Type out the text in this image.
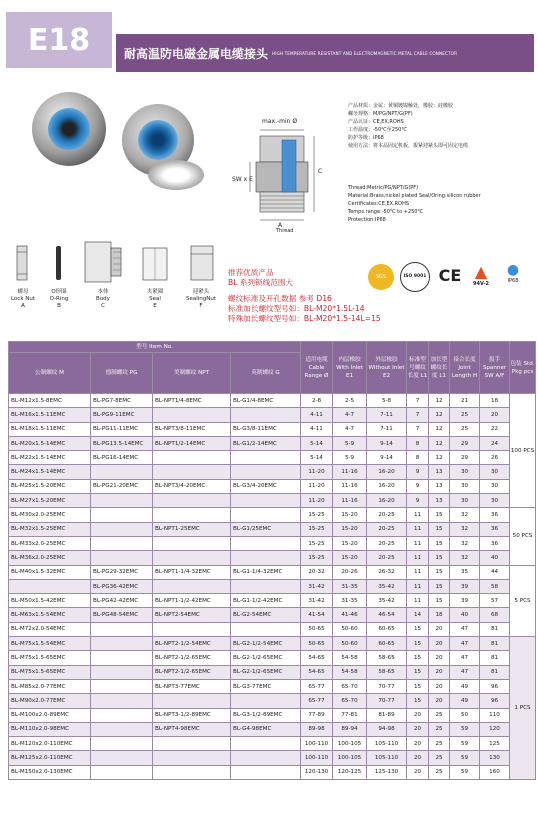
E18	耐高温防电磁金属电缆接头 HIGH TEMPERATURE RESISTANT AND ELECTROMAGNETIC METAL CABLE CONNECTOR
max.-min Ø
SW x E
C
A
Thread
产品材质：金属：黄铜镀镍触处，橡胶：硅橡胶
螺牙规格：M/PG/NPT/G(PF)
产品认证：CE,EX,ROHS
工作温度：-50℃至250℃
防护等级：IP68
使用方法：将本品固定机板，拨紧迎紧头即可固定电缆
Thread:Metric/PG/NPT/G(PF)
Material:Brass,nickel plated Seal/Oring:silicon rubber
Certificates:CE,EX,ROHS
Temps.range:-50℃ to +250℃
Protection:IP68
螺母
Lock Nut
A
O形圈
O-Ring
B
本体
Body
C
夹紧圈
Seal
E
迎紧头
SealingNut
F
推荐优质产品
BL 系列锁线范围大
螺纹标准及开孔数据 参考 D16
标准加长螺纹型号如：BL-M20*1.5L-14
特殊加长螺纹型号如：BL-M20*1.5-14L=15
SGS	ISO 9001 CE ▲
94V-2
●
IP68
型号 Item No.				适用电缆 Cable Range Ø	内层橡胶 With Inlet E1	外层橡胶 Without Inlet E2	标准型号螺纹长度 L1	加长型螺纹长度 L1	接合长度 Joint Length H	扳手 Spanner SW A/F	包装 Std. Pkg pcs
公制螺纹 M	德制螺纹 PG	美制螺纹 NPT	英制螺纹 G								
BL-M12x1.5-8EMC	BL-PG7-8EMC	BL-NPT1/4-8EMC	BL-G1/4-8EMC	2-8	2-5	5-8	7	12	21	18	100 PCS
BL-M16x1.5-11EMC	BL-PG9-11EMC			4-11	4-7	7-11	7	12	25	20	
BL-M18x1.5-11EMC	BL-PG11-11EMC	BL-NPT3/8-11EMC	BL-G3/8-11EMC	4-11	4-7	7-11	7	12	25	22	
BL-M20x1.5-14EMC	BL-PG13.5-14EMC	BL-NPT1/2-14EMC	BL-G1/2-14EMC	5-14	5-9	9-14	8	12	29	24	
BL-M22x1.5-14EMC	BL-PG16-14EMC			5-14	5-9	9-14	8	12	29	26	
BL-M24x1.5-14EMC				11-20	11-16	16-20	9	13	30	30	
BL-M25x1.5-20EMC	BL-PG21-20EMC	BL-NPT3/4-20EMC	BL-G3/4-20EMC	11-20	11-16	16-20	9	13	30	30	
BL-M27x1.5-20EMC				11-20	11-16	16-20	9	13	30	30	
BL-M30x2.0-25EMC				15-25	15-20	20-25	11	15	32	36	50 PCS
BL-M32x1.5-25EMC		BL-NPT1-25EMC	BL-G1/25EMC	15-25	15-20	20-25	11	15	32	36	
BL-M33x2.0-25EMC				15-25	15-20	20-25	11	15	32	36	
BL-M36x2.0-25EMC				15-25	15-20	20-25	11	15	32	40	
BL-M40x1.5-32EMC	BL-PG29-32EMC	BL-NPT1-1/4-32EMC	BL-G1-1/4-32EMC	20-32	20-26	26-32	11	15	35	44	5 PCS
	BL-PG36-42EMC			31-42	31-35	35-42	11	15	39	58	
BL-M50x1.5-42EMC	BL-PG42-42EMC	BL-NPT1-1/2-42EMC	BL-G1-1/2-42EMC	31-42	31-35	35-42	11	15	39	57	
BL-M63x1.5-54EMC	BL-PG48-54EMC	BL-NPT2-54EMC	BL-G2-54EMC	41-54	41-46	46-54	14	18	40	68	
BL-M72x2.0-54EMC				50-65	50-60	60-65	15	20	47	81	
BL-M75x1.5-54EMC		BL-NPT2-1/2-54EMC	BL-G2-1/2-54EMC	50-65	50-60	60-65	15	20	47	81	1 PCS
BL-M75x1.5-65EMC		BL-NPT2-1/2-65EMC	BL-G2-1/2-65EMC	54-65	54-58	58-65	15	20	47	81	
BL-M75x1.5-65EMC		BL-NPT2-1/2-65EMC	BL-G2-1/2-65EMC	54-65	54-58	58-65	15	20	47	81	
BL-M85x2.0-77EMC		BL-NPT3-77EMC	BL-G3-77EMC	65-77	65-70	70-77	15	20	49	96	
BL-M90x2.0-77EMC				65-77	65-70	70-77	15	20	49	96	
BL-M100x2.0-89EMC		BL-NPT3-1/2-89EMC	BL-G3-1/2-89EMC	77-89	77-81	81-89	20	25	50	110	
BL-M110x2.0-98EMC		BL-NPT4-98EMC	BL-G4-98EMC	89-98	89-94	94-98	20	25	59	120	
BL-M120x2.0-110EMC				100-110	100-105	105-110	20	25	59	125	
BL-M125x2.0-110EMC				100-110	100-105	105-110	20	25	59	130	
BL-M150x2.0-130EMC				120-130	120-125	125-130	20	25	59	160	
